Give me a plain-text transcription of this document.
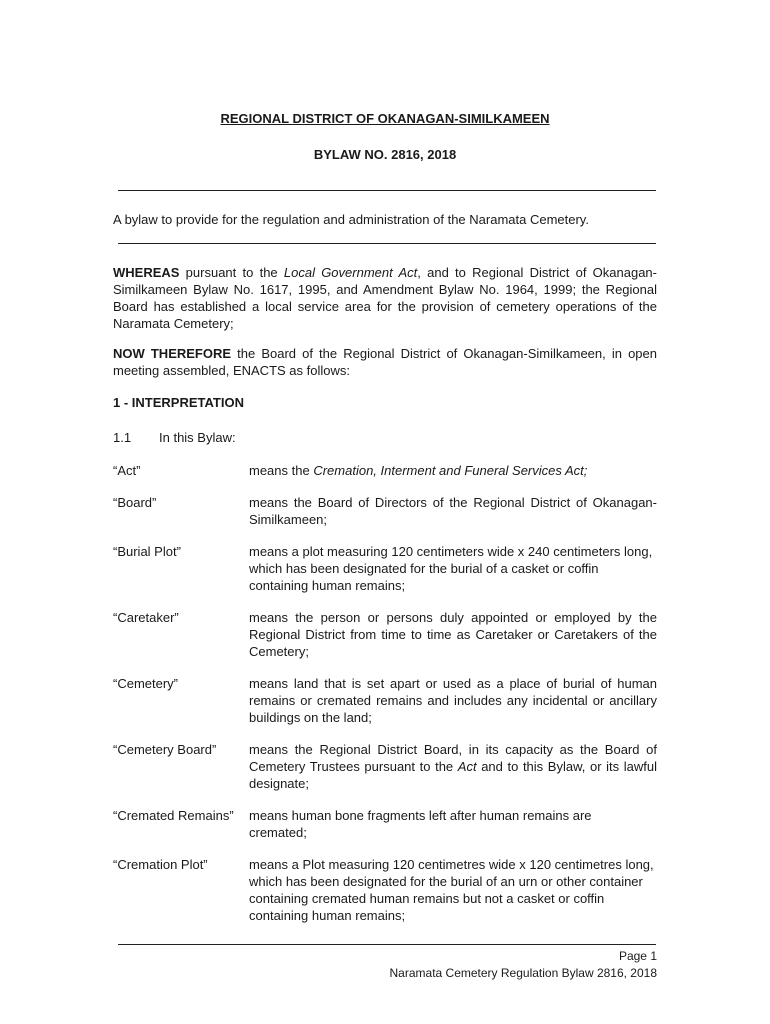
REGIONAL DISTRICT OF OKANAGAN-SIMILKAMEEN
BYLAW NO. 2816, 2018
A bylaw to provide for the regulation and administration of the Naramata Cemetery.
WHEREAS pursuant to the Local Government Act, and to Regional District of Okanagan-Similkameen Bylaw No. 1617, 1995, and Amendment Bylaw No. 1964, 1999; the Regional Board has established a local service area for the provision of cemetery operations of the Naramata Cemetery;
NOW THEREFORE the Board of the Regional District of Okanagan-Similkameen, in open meeting assembled, ENACTS as follows:
1 - INTERPRETATION
1.1 In this Bylaw:
“Act”	means the Cremation, Interment and Funeral Services Act;
“Board”	means the Board of Directors of the Regional District of Okanagan-Similkameen;
“Burial Plot”	means a plot measuring 120 centimeters wide x 240 centimeters long, which has been designated for the burial of a casket or coffin containing human remains;
“Caretaker”	means the person or persons duly appointed or employed by the Regional District from time to time as Caretaker or Caretakers of the Cemetery;
“Cemetery”	means land that is set apart or used as a place of burial of human remains or cremated remains and includes any incidental or ancillary buildings on the land;
“Cemetery Board”	means the Regional District Board, in its capacity as the Board of Cemetery Trustees pursuant to the Act and to this Bylaw, or its lawful designate;
“Cremated Remains” means human bone fragments left after human remains are cremated;
“Cremation Plot”	means a Plot measuring 120 centimetres wide x 120 centimetres long, which has been designated for the burial of an urn or other container containing cremated human remains but not a casket or coffin containing human remains;
Page 1
Naramata Cemetery Regulation Bylaw 2816, 2018
